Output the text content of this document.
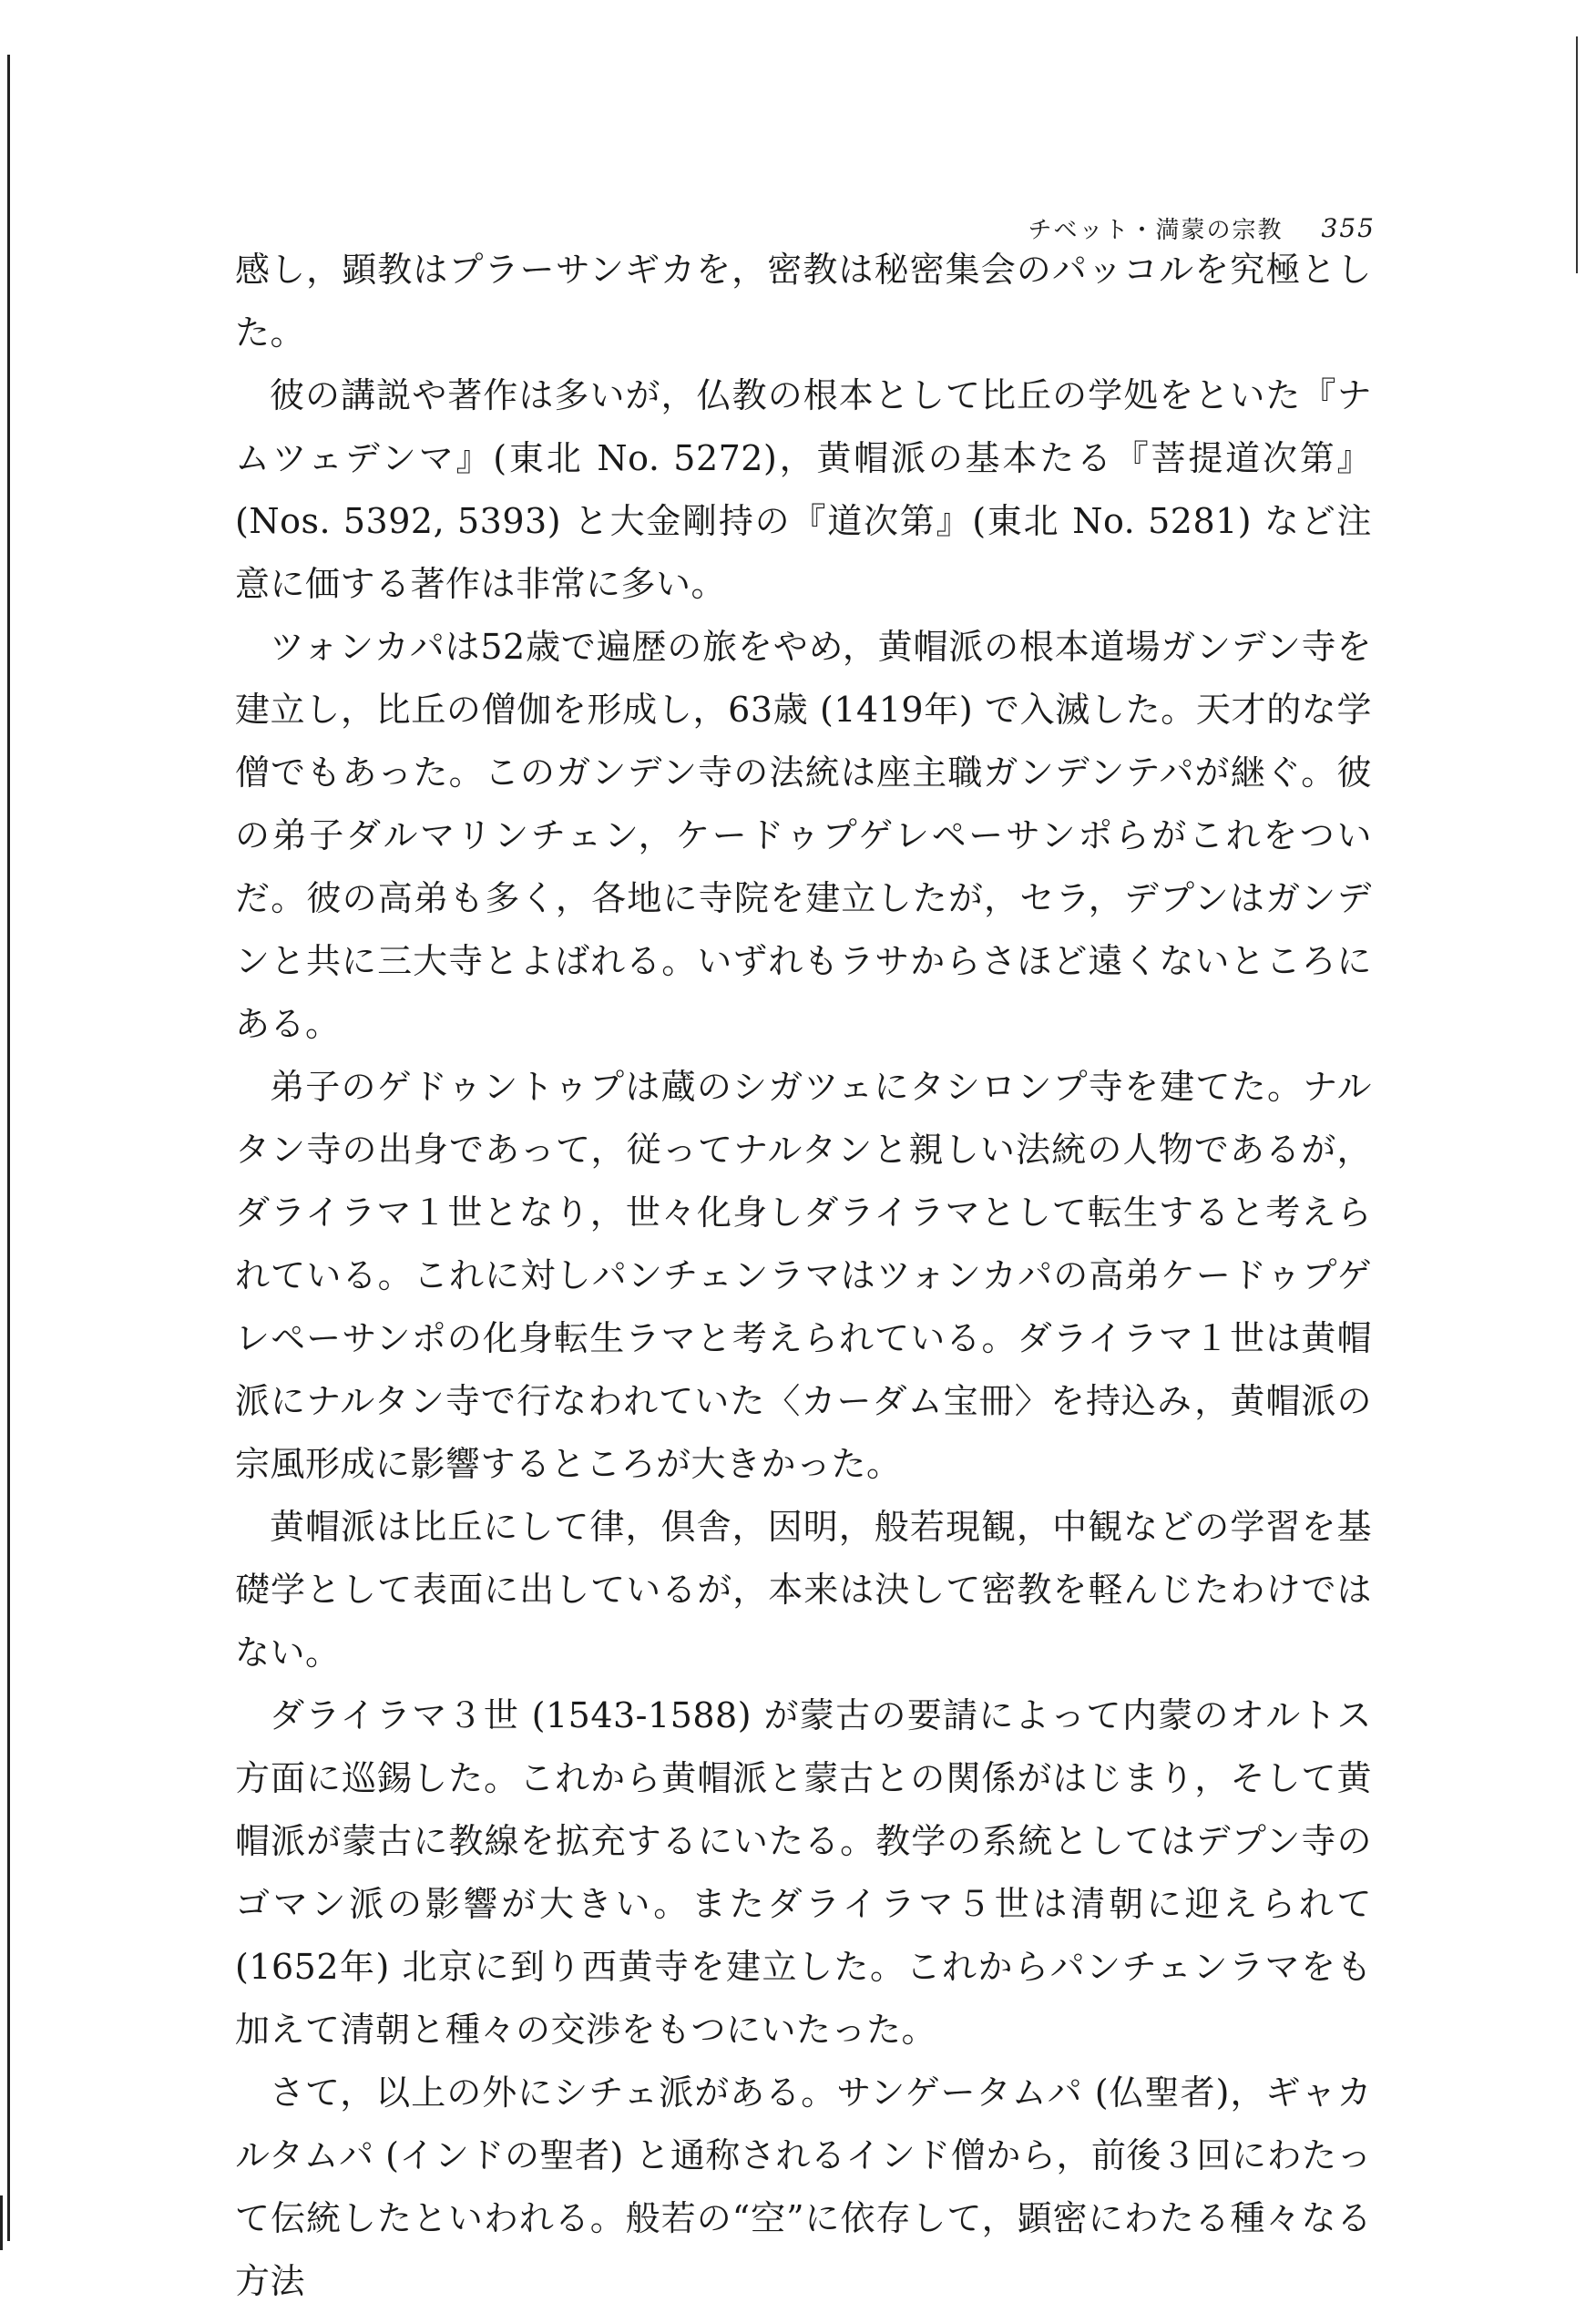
チベット・満蒙の宗教 355

感し，顕教はプラーサンギカを，密教は秘密集会のパッコルを究極とした。

彼の講説や著作は多いが，仏教の根本として比丘の学処をといた『ナムツェデンマ』(東北 No. 5272)，黄帽派の基本たる『菩提道次第』(Nos. 5392, 5393) と大金剛持の『道次第』(東北 No. 5281) など注意に価する著作は非常に多い。

ツォンカパは52歳で遍歴の旅をやめ，黄帽派の根本道場ガンデン寺を建立し，比丘の僧伽を形成し，63歳 (1419年) で入滅した。天才的な学僧でもあった。このガンデン寺の法統は座主職ガンデンテパが継ぐ。彼の弟子ダルマリンチェン，ケードゥプゲレペーサンポらがこれをついだ。彼の高弟も多く，各地に寺院を建立したが，セラ，デプンはガンデンと共に三大寺とよばれる。いずれもラサからさほど遠くないところにある。

弟子のゲドゥントゥプは蔵のシガツェにタシロンプ寺を建てた。ナルタン寺の出身であって，従ってナルタンと親しい法統の人物であるが，ダライラマ１世となり，世々化身しダライラマとして転生すると考えられている。これに対しパンチェンラマはツォンカパの高弟ケードゥプゲレペーサンポの化身転生ラマと考えられている。ダライラマ１世は黄帽派にナルタン寺で行なわれていた〈カーダム宝冊〉を持込み，黄帽派の宗風形成に影響するところが大きかった。

黄帽派は比丘にして律，倶舎，因明，般若現観，中観などの学習を基礎学として表面に出しているが，本来は決して密教を軽んじたわけではない。

ダライラマ３世 (1543-1588) が蒙古の要請によって内蒙のオルトス方面に巡錫した。これから黄帽派と蒙古との関係がはじまり，そして黄帽派が蒙古に教線を拡充するにいたる。教学の系統としてはデプン寺のゴマン派の影響が大きい。またダライラマ５世は清朝に迎えられて (1652年) 北京に到り西黄寺を建立した。これからパンチェンラマをも加えて清朝と種々の交渉をもつにいたった。

さて，以上の外にシチェ派がある。サンゲータムパ (仏聖者)，ギャカルタムパ (インドの聖者) と通称されるインド僧から，前後３回にわたって伝統したといわれる。般若の“空”に依存して，顕密にわたる種々なる方法
